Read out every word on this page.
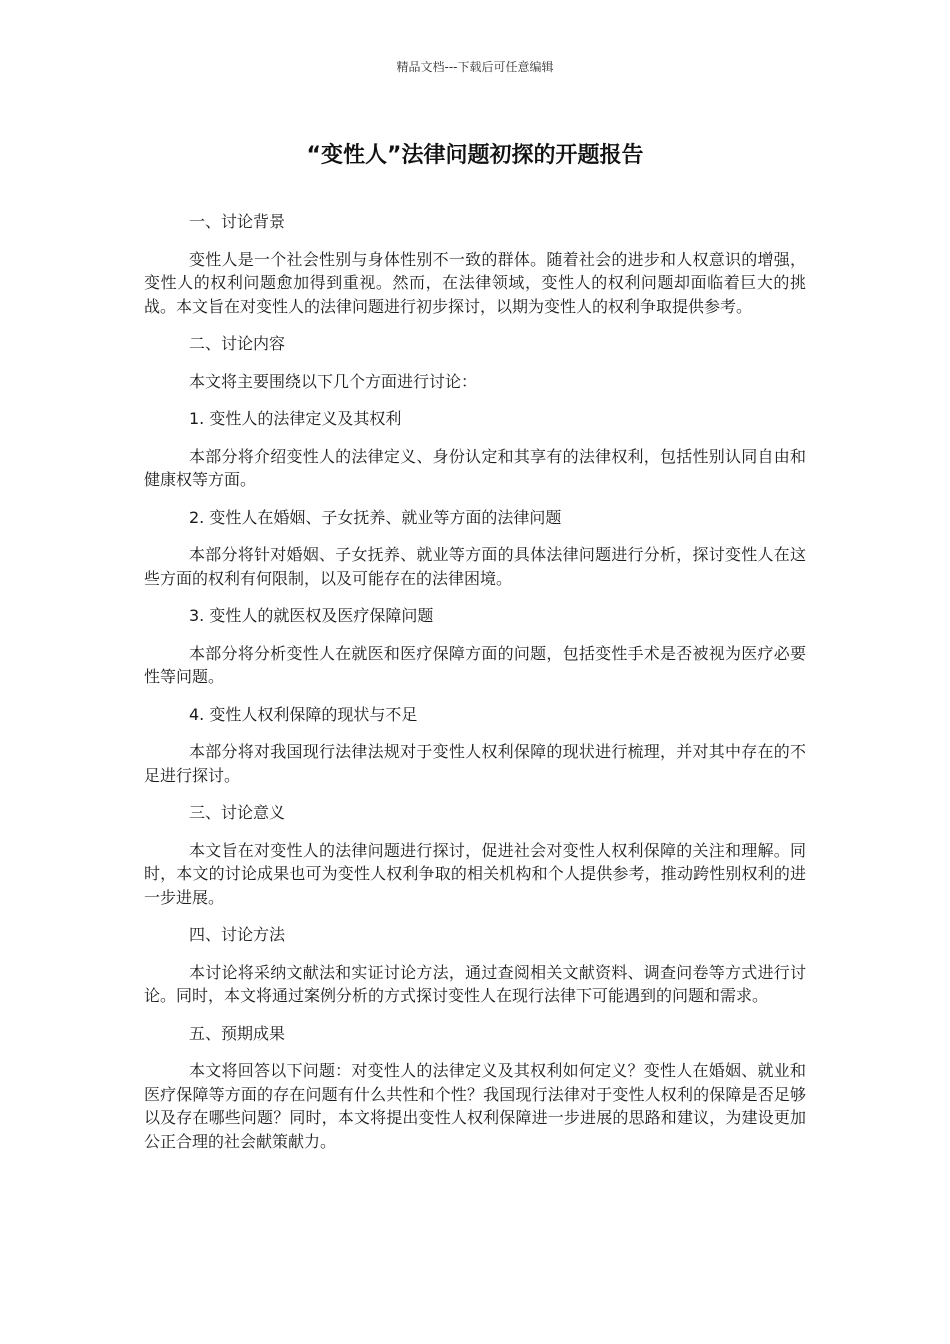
精品文档---下载后可任意编辑
“变性人”法律问题初探的开题报告

一、讨论背景

变性人是一个社会性别与身体性别不一致的群体。随着社会的进步和人权意识的增强，变性人的权利问题愈加得到重视。然而，在法律领域，变性人的权利问题却面临着巨大的挑战。本文旨在对变性人的法律问题进行初步探讨，以期为变性人的权利争取提供参考。

二、讨论内容

本文将主要围绕以下几个方面进行讨论：

1. 变性人的法律定义及其权利

本部分将介绍变性人的法律定义、身份认定和其享有的法律权利，包括性别认同自由和健康权等方面。

2. 变性人在婚姻、子女抚养、就业等方面的法律问题

本部分将针对婚姻、子女抚养、就业等方面的具体法律问题进行分析，探讨变性人在这些方面的权利有何限制，以及可能存在的法律困境。

3. 变性人的就医权及医疗保障问题

本部分将分析变性人在就医和医疗保障方面的问题，包括变性手术是否被视为医疗必要性等问题。

4. 变性人权利保障的现状与不足

本部分将对我国现行法律法规对于变性人权利保障的现状进行梳理，并对其中存在的不足进行探讨。

三、讨论意义

本文旨在对变性人的法律问题进行探讨，促进社会对变性人权利保障的关注和理解。同时，本文的讨论成果也可为变性人权利争取的相关机构和个人提供参考，推动跨性别权利的进一步进展。

四、讨论方法

本讨论将采纳文献法和实证讨论方法，通过查阅相关文献资料、调查问卷等方式进行讨论。同时，本文将通过案例分析的方式探讨变性人在现行法律下可能遇到的问题和需求。

五、预期成果

本文将回答以下问题：对变性人的法律定义及其权利如何定义？变性人在婚姻、就业和医疗保障等方面的存在问题有什么共性和个性？我国现行法律对于变性人权利的保障是否足够以及存在哪些问题？同时，本文将提出变性人权利保障进一步进展的思路和建议，为建设更加公正合理的社会献策献力。
